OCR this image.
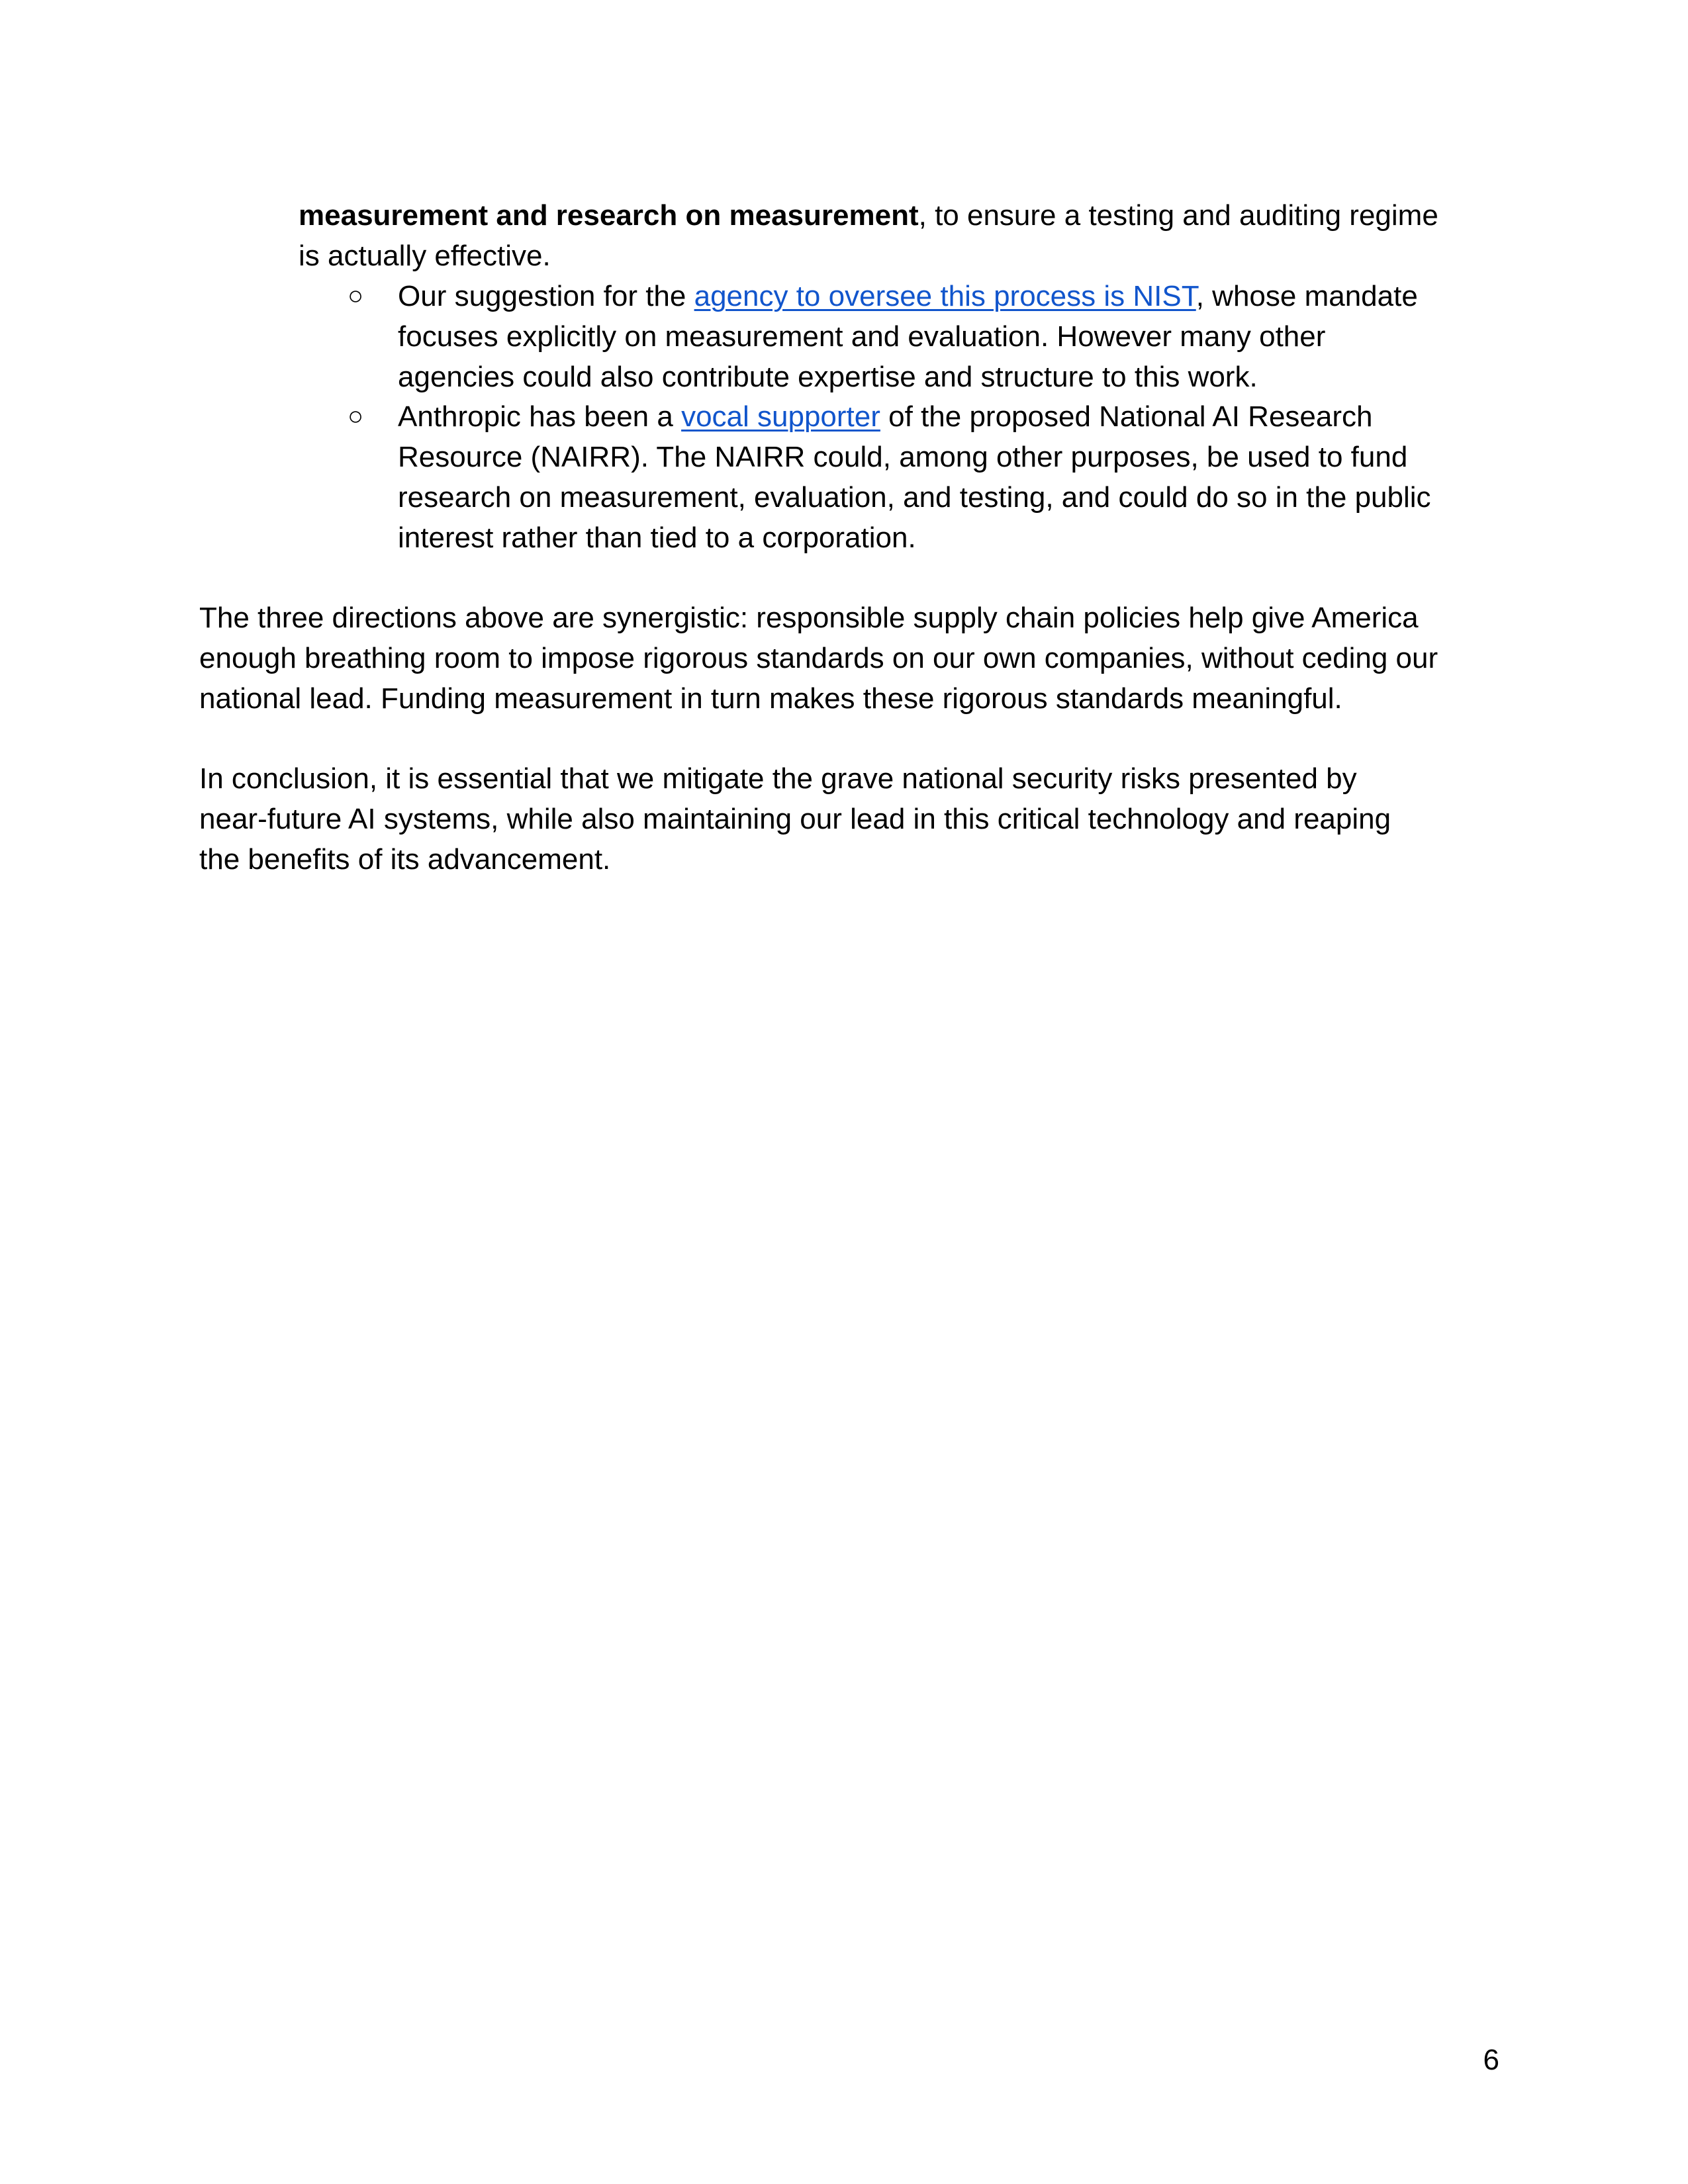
measurement and research on measurement, to ensure a testing and auditing regime
is actually effective.
○ Our suggestion for the agency to oversee this process is NIST, whose mandate
focuses explicitly on measurement and evaluation. However many other
agencies could also contribute expertise and structure to this work.
○ Anthropic has been a vocal supporter of the proposed National AI Research
Resource (NAIRR). The NAIRR could, among other purposes, be used to fund
research on measurement, evaluation, and testing, and could do so in the public
interest rather than tied to a corporation.
The three directions above are synergistic: responsible supply chain policies help give America
enough breathing room to impose rigorous standards on our own companies, without ceding our
national lead. Funding measurement in turn makes these rigorous standards meaningful.
In conclusion, it is essential that we mitigate the grave national security risks presented by
near-future AI systems, while also maintaining our lead in this critical technology and reaping
the benefits of its advancement.
6
